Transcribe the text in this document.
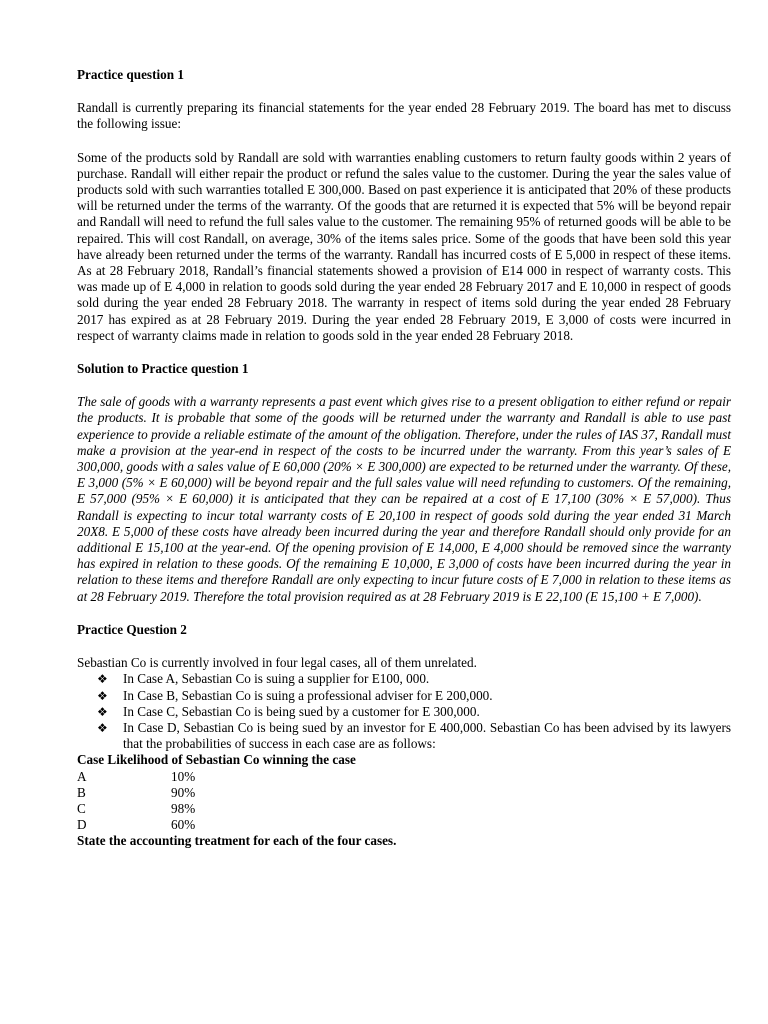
Practice question 1

Randall is currently preparing its financial statements for the year ended 28 February 2019. The board has met to discuss the following issue:

Some of the products sold by Randall are sold with warranties enabling customers to return faulty goods within 2 years of purchase. Randall will either repair the product or refund the sales value to the customer. During the year the sales value of products sold with such warranties totalled E 300,000. Based on past experience it is anticipated that 20% of these products will be returned under the terms of the warranty. Of the goods that are returned it is expected that 5% will be beyond repair and Randall will need to refund the full sales value to the customer. The remaining 95% of returned goods will be able to be repaired. This will cost Randall, on average, 30% of the items sales price. Some of the goods that have been sold this year have already been returned under the terms of the warranty. Randall has incurred costs of E 5,000 in respect of these items. As at 28 February 2018, Randall’s financial statements showed a provision of E14 000 in respect of warranty costs. This was made up of E 4,000 in relation to goods sold during the year ended 28 February 2017 and E 10,000 in respect of goods sold during the year ended 28 February 2018. The warranty in respect of items sold during the year ended 28 February 2017 has expired as at 28 February 2019. During the year ended 28 February 2019, E 3,000 of costs were incurred in respect of warranty claims made in relation to goods sold in the year ended 28 February 2018.

Solution to Practice question 1

The sale of goods with a warranty represents a past event which gives rise to a present obligation to either refund or repair the products. It is probable that some of the goods will be returned under the warranty and Randall is able to use past experience to provide a reliable estimate of the amount of the obligation. Therefore, under the rules of IAS 37, Randall must make a provision at the year-end in respect of the costs to be incurred under the warranty. From this year’s sales of E 300,000, goods with a sales value of E 60,000 (20% × E 300,000) are expected to be returned under the warranty. Of these, E 3,000 (5% × E 60,000) will be beyond repair and the full sales value will need refunding to customers. Of the remaining, E 57,000 (95% × E 60,000) it is anticipated that they can be repaired at a cost of E 17,100 (30% × E 57,000). Thus Randall is expecting to incur total warranty costs of E 20,100 in respect of goods sold during the year ended 31 March 20X8. E 5,000 of these costs have already been incurred during the year and therefore Randall should only provide for an additional E 15,100 at the year-end. Of the opening provision of E 14,000, E 4,000 should be removed since the warranty has expired in relation to these goods. Of the remaining E 10,000, E 3,000 of costs have been incurred during the year in relation to these items and therefore Randall are only expecting to incur future costs of E 7,000 in relation to these items as at 28 February 2019. Therefore the total provision required as at 28 February 2019 is E 22,100 (E 15,100 + E 7,000).

Practice Question 2

Sebastian Co is currently involved in four legal cases, all of them unrelated.

❖	In Case A, Sebastian Co is suing a supplier for E100, 000.
❖	In Case B, Sebastian Co is suing a professional adviser for E 200,000.
❖	In Case C, Sebastian Co is being sued by a customer for E 300,000.
❖	In Case D, Sebastian Co is being sued by an investor for E 400,000. Sebastian Co has been advised by its lawyers that the probabilities of success in each case are as follows:
Case Likelihood of Sebastian Co winning the case
A	10%
B	90%
C	98%
D	60%
State the accounting treatment for each of the four cases.
